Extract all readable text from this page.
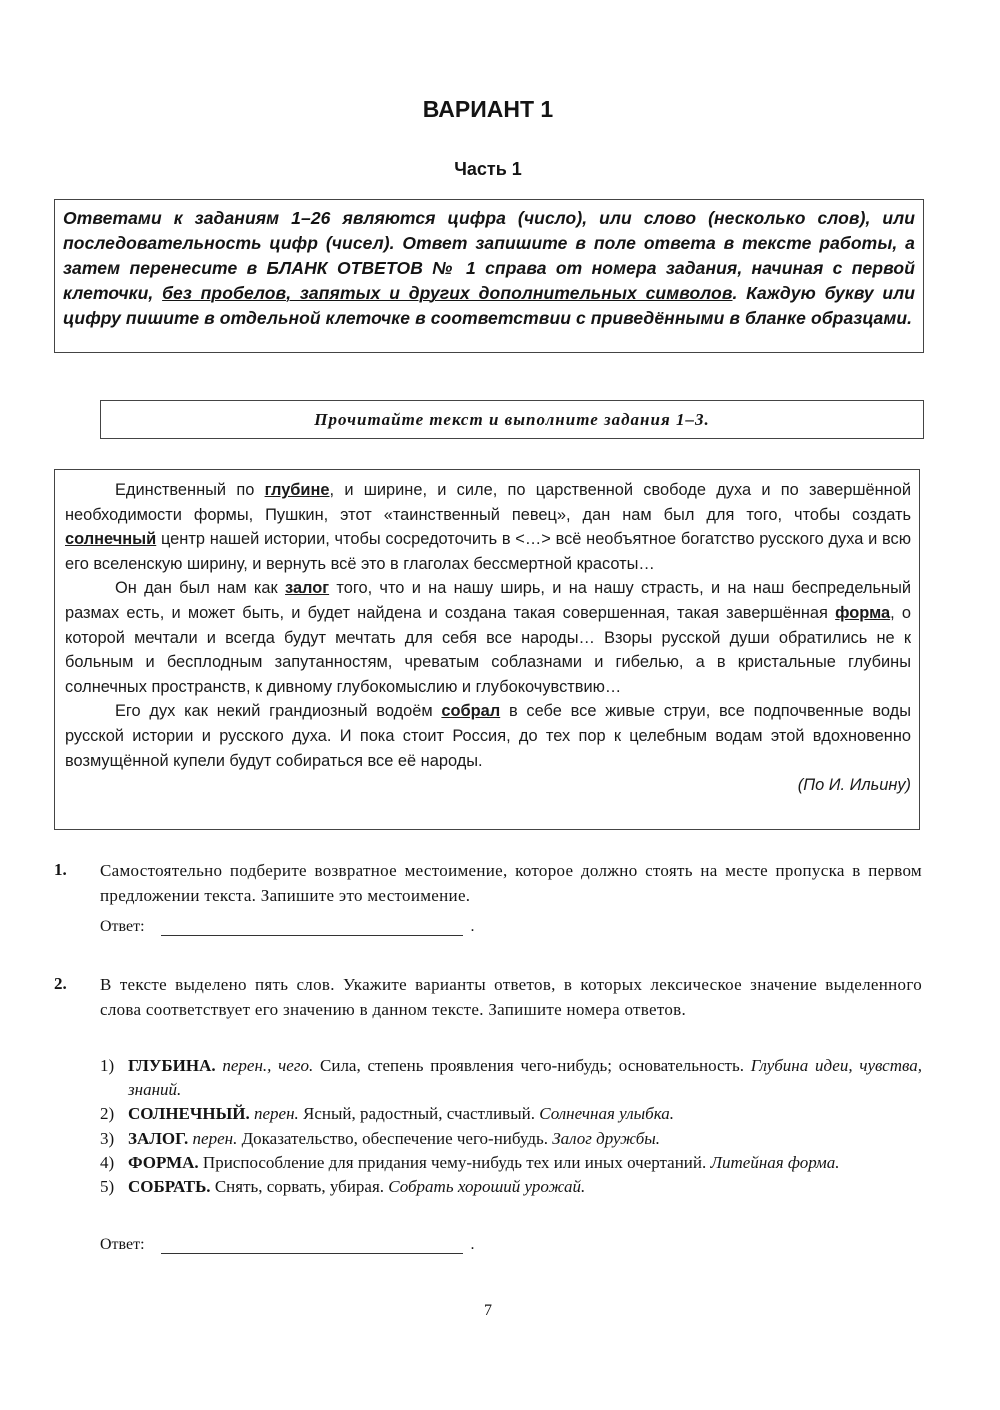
ВАРИАНТ 1
Часть 1
Ответами к заданиям 1–26 являются цифра (число), или слово (несколько слов), или последовательность цифр (чисел). Ответ запишите в поле ответа в тексте работы, а затем перенесите в БЛАНК ОТВЕТОВ № 1 справа от номера задания, начиная с первой клеточки, без пробелов, запятых и других дополнительных символов. Каждую букву или цифру пишите в отдельной клеточке в соответствии с приведёнными в бланке образцами.
Прочитайте текст и выполните задания 1–3.

Единственный по глубине, и ширине, и силе, по царственной свободе духа и по завершённой необходимости формы, Пушкин, этот «таинственный певец», дан нам был для того, чтобы создать солнечный центр нашей истории, чтобы сосредоточить в <…> всё необъятное богатство русского духа и всю его вселенскую ширину, и вернуть всё это в глаголах бессмертной красоты…

Он дан был нам как залог того, что и на нашу ширь, и на нашу страсть, и на наш беспредельный размах есть, и может быть, и будет найдена и создана такая совершенная, такая завершённая форма, о которой мечтали и всегда будут мечтать для себя все народы… Взоры русской души обратились не к больным и бесплодным запутанностям, чреватым соблазнами и гибелью, а в кристальные глубины солнечных пространств, к дивному глубокомыслию и глубокочувствию…

Его дух как некий грандиозный водоём собрал в себе все живые струи, все подпочвенные воды русской истории и русского духа. И пока стоит Россия, до тех пор к целебным водам этой вдохновенно возмущённой купели будут собираться все её народы.

(По И. Ильину)

1. Самостоятельно подберите возвратное местоимение, которое должно стоять на месте пропуска в первом предложении текста. Запишите это местоимение.
Ответ:	.
2. В тексте выделено пять слов. Укажите варианты ответов, в которых лексическое значение выделенного слова соответствует его значению в данном тексте. Запишите номера ответов.
1) ГЛУБИНА. перен., чего. Сила, степень проявления чего-нибудь; основательность. Глубина идеи, чувства, знаний.
2) СОЛНЕЧНЫЙ. перен. Ясный, радостный, счастливый. Солнечная улыбка.
3) ЗАЛОГ. перен. Доказательство, обеспечение чего-нибудь. Залог дружбы.
4) ФОРМА. Приспособление для придания чему-нибудь тех или иных очертаний. Литейная форма.
5) СОБРАТЬ. Снять, сорвать, убирая. Собрать хороший урожай.
Ответ:	.
7
